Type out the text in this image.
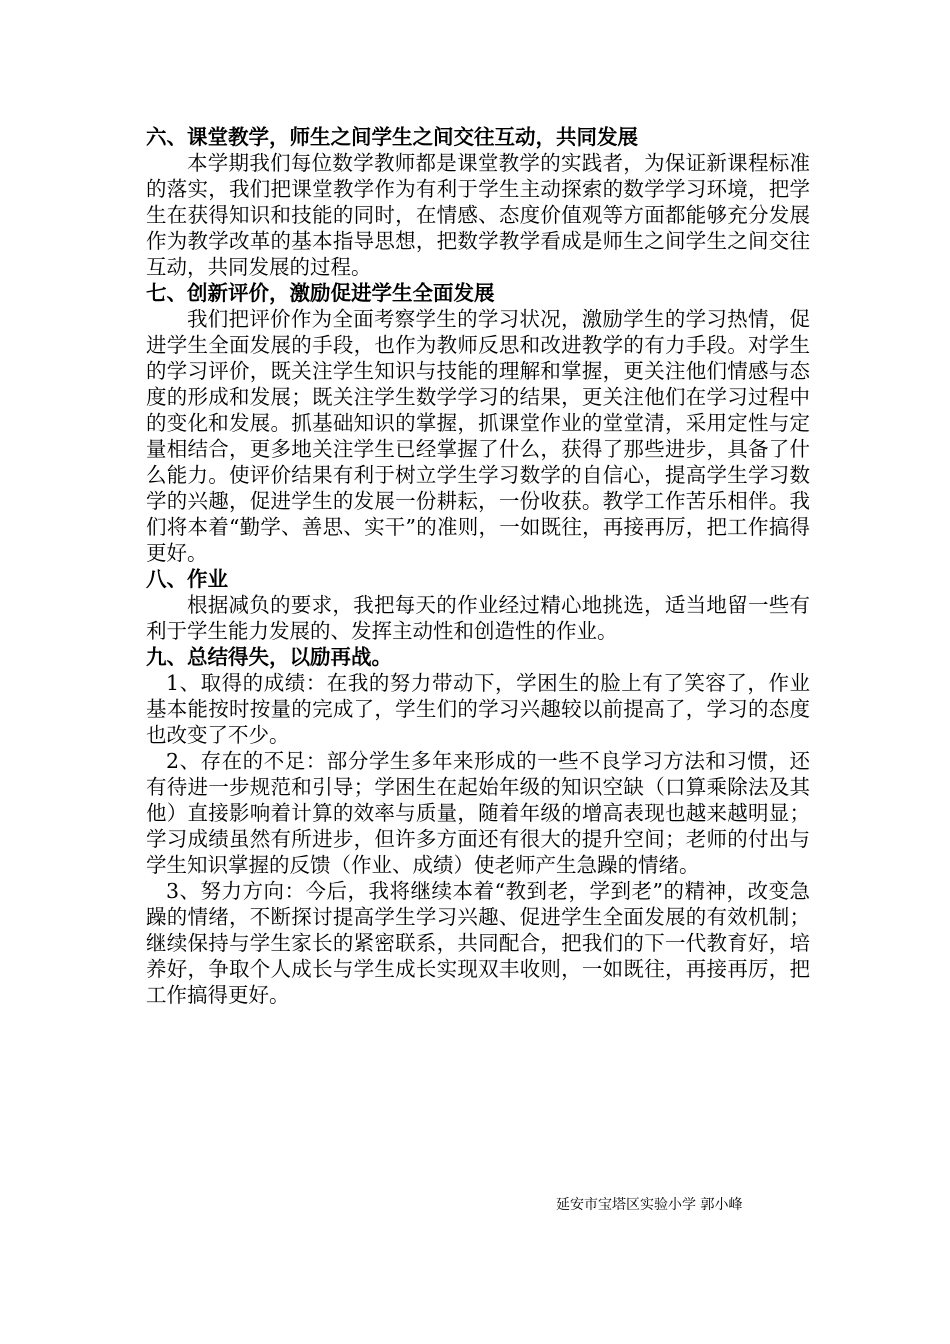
六、课堂教学，师生之间学生之间交往互动，共同发展

本学期我们每位数学教师都是课堂教学的实践者，为保证新课程标准的落实，我们把课堂教学作为有利于学生主动探索的数学学习环境，把学生在获得知识和技能的同时，在情感、态度价值观等方面都能够充分发展作为教学改革的基本指导思想，把数学教学看成是师生之间学生之间交往互动，共同发展的过程。

七、创新评价，激励促进学生全面发展

我们把评价作为全面考察学生的学习状况，激励学生的学习热情，促进学生全面发展的手段，也作为教师反思和改进教学的有力手段。对学生的学习评价，既关注学生知识与技能的理解和掌握，更关注他们情感与态度的形成和发展；既关注学生数学学习的结果，更关注他们在学习过程中的变化和发展。抓基础知识的掌握，抓课堂作业的堂堂清，采用定性与定量相结合，更多地关注学生已经掌握了什么，获得了那些进步，具备了什么能力。使评价结果有利于树立学生学习数学的自信心，提高学生学习数学的兴趣，促进学生的发展一份耕耘，一份收获。教学工作苦乐相伴。我们将本着“勤学、善思、实干”的准则，一如既往，再接再厉，把工作搞得更好。

八、作业

根据减负的要求，我把每天的作业经过精心地挑选，适当地留一些有利于学生能力发展的、发挥主动性和创造性的作业。

九、总结得失，以励再战。

1、取得的成绩：在我的努力带动下，学困生的脸上有了笑容了，作业基本能按时按量的完成了，学生们的学习兴趣较以前提高了，学习的态度也改变了不少。

2、存在的不足：部分学生多年来形成的一些不良学习方法和习惯，还有待进一步规范和引导；学困生在起始年级的知识空缺（口算乘除法及其他）直接影响着计算的效率与质量，随着年级的增高表现也越来越明显；学习成绩虽然有所进步，但许多方面还有很大的提升空间；老师的付出与学生知识掌握的反馈（作业、成绩）使老师产生急躁的情绪。

3、努力方向：今后，我将继续本着“教到老，学到老”的精神，改变急躁的情绪，不断探讨提高学生学习兴趣、促进学生全面发展的有效机制；继续保持与学生家长的紧密联系，共同配合，把我们的下一代教育好，培养好，争取个人成长与学生成长实现双丰收则，一如既往，再接再厉，把工作搞得更好。

延安市宝塔区实验小学 郭小峰
